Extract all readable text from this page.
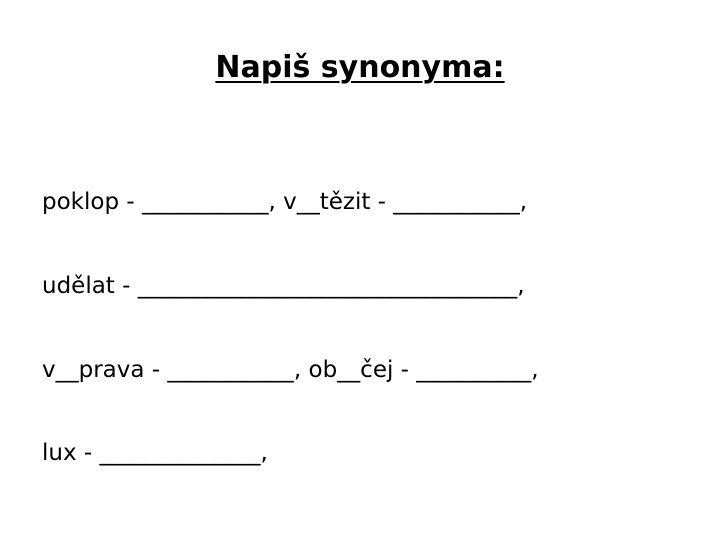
Napiš synonyma:
poklop - ___________, v__tězit - ___________,
udělat - _________________________________,
v__prava - ___________, ob__čej - __________,
lux - ______________,
